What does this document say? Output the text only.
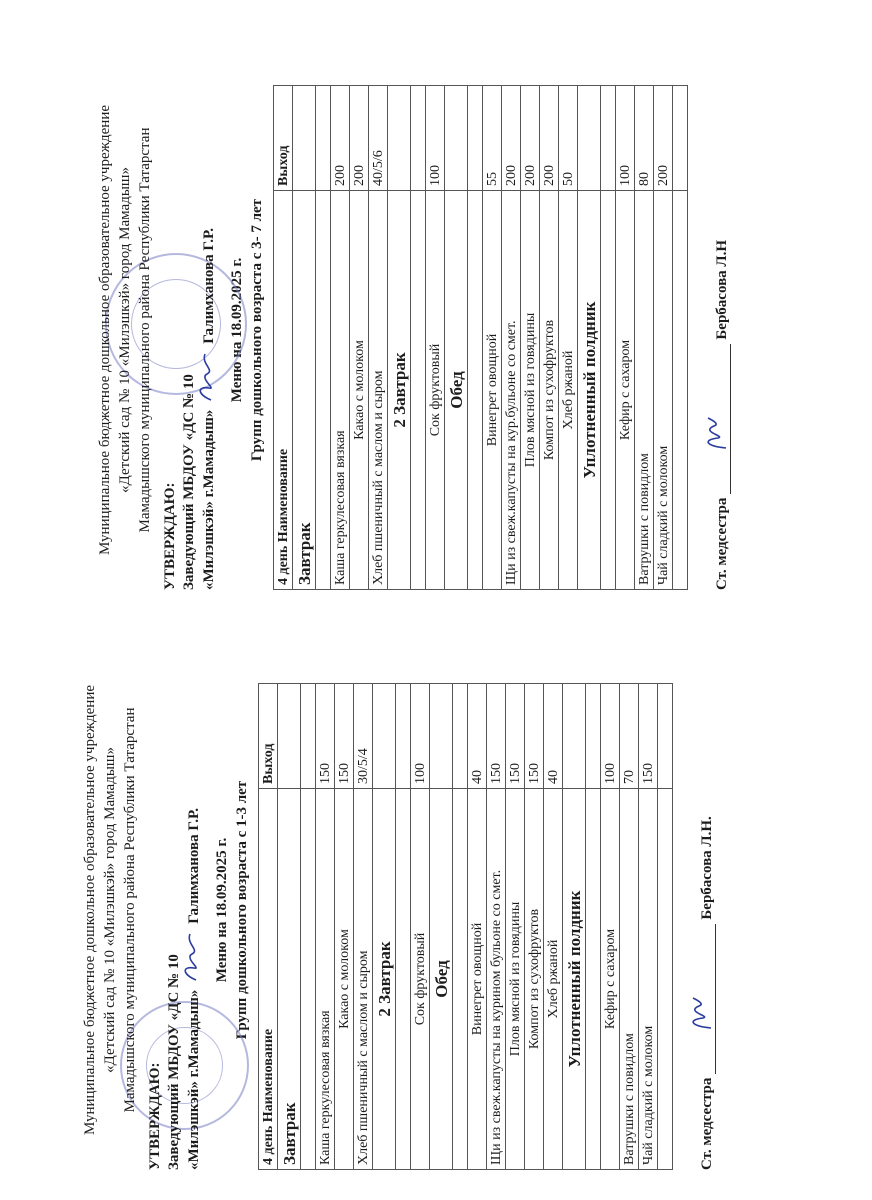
Муниципальное бюджетное дошкольное образовательное учреждение «Детский сад № 10 «Милэшкэй» город Мамадыш» Мамадышского муниципального района Республики Татарстан
УТВЕРЖДАЮ: Заведующий МБДОУ «ДС № 10 «Милэшкэй» г.Мамадыш»
Галимханова Г.Р. Меню на 18.09.2025 г. Групп дошкольного возраста с 1-3 лет
4 день Наименование	Выход
Завтрак	

Каша геркулесовая вязкая	150
Какао с молоком	150
Хлеб пшеничный с маслом и сыром	30/5/4
2 Завтрак	

Сок фруктовый	100
Обед	

Винегрет овощной	40
Щи из свеж.капусты на курином бульоне со смет.	150
Плов мясной из говядины	150
Компот из сухофруктов	150
Хлеб ржаной	40
Уплотненный полдник	

Кефир с сахаром	100
Ватрушки с повидлом	70
Чай сладкий с молоком	150

Ст. медсестра
Бербасова Л.Н.
Муниципальное бюджетное дошкольное образовательное учреждение «Детский сад № 10 «Милэшкэй» город Мамадыш» Мамадышского муниципального района Республики Татарстан
УТВЕРЖДАЮ: Заведующий МБДОУ «ДС № 10 «Милэшкэй» г.Мамадыш»
Галимханова Г.Р. Меню на 18.09.2025 г. Групп дошкольного возраста с 3- 7 лет
4 день Наименование	Выход
Завтрак	

Каша геркулесовая вязкая	200
Какао с молоком	200
Хлеб пшеничный с маслом и сыром	40/5/6
2 Завтрак	

Сок фруктовый	100
Обед	

Винегрет овощной	55
Щи из свеж.капусты на кур.бульоне со смет.	200
Плов мясной из говядины	200
Компот из сухофруктов	200
Хлеб ржаной	50
Уплотненный полдник	

Кефир с сахаром	100
Ватрушки с повидлом	80
Чай сладкий с молоком	200

Ст. медсестра
Бербасова Л.Н
